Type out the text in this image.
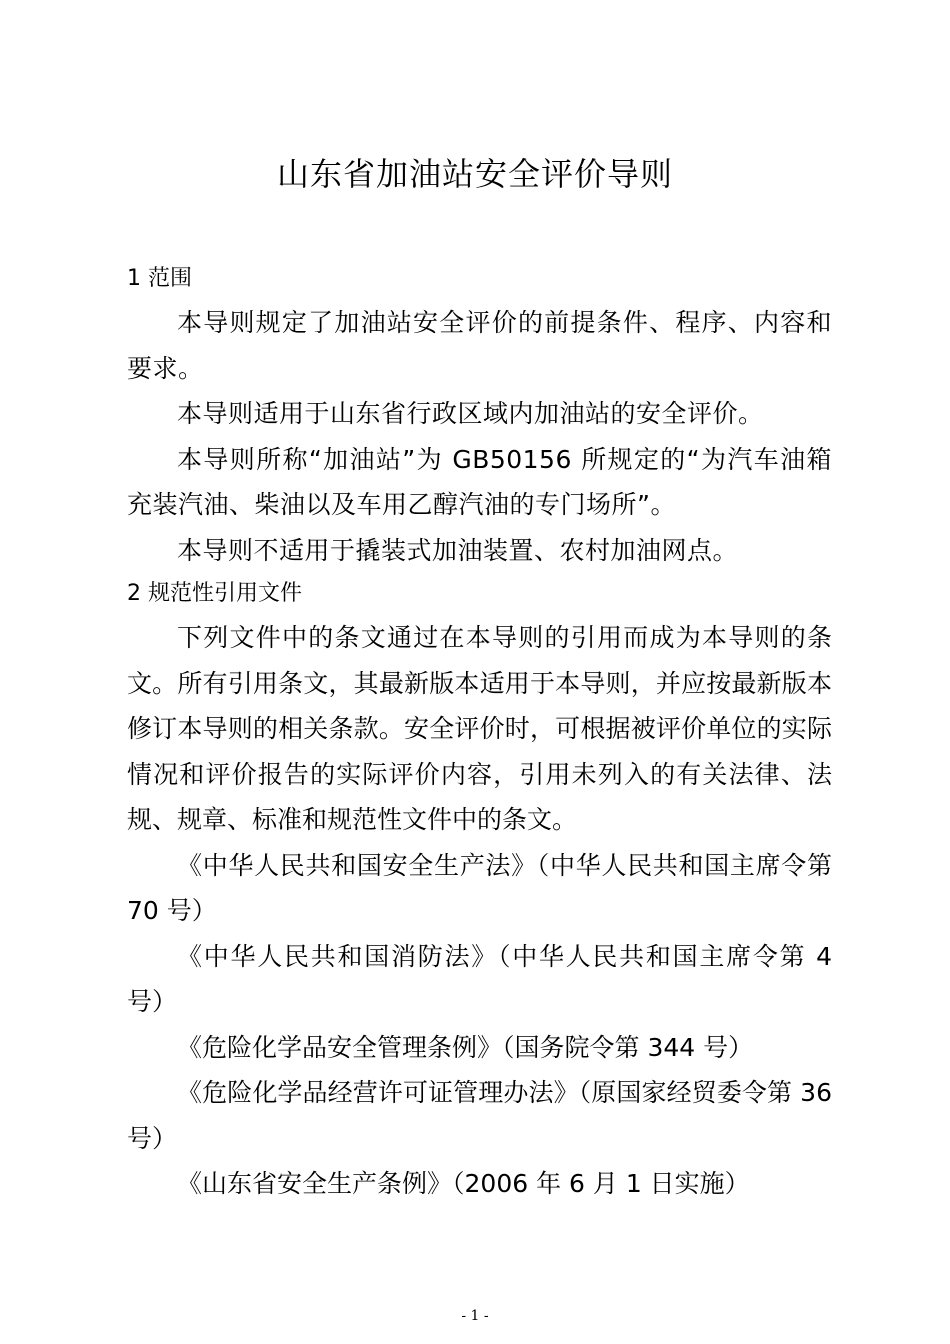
山东省加油站安全评价导则

1 范围

本导则规定了加油站安全评价的前提条件、程序、内容和要求。

本导则适用于山东省行政区域内加油站的安全评价。

本导则所称“加油站”为 GB50156 所规定的“为汽车油箱充装汽油、柴油以及车用乙醇汽油的专门场所”。

本导则不适用于撬装式加油装置、农村加油网点。

2 规范性引用文件

下列文件中的条文通过在本导则的引用而成为本导则的条文。所有引用条文，其最新版本适用于本导则，并应按最新版本修订本导则的相关条款。安全评价时，可根据被评价单位的实际情况和评价报告的实际评价内容，引用未列入的有关法律、法规、规章、标准和规范性文件中的条文。

《中华人民共和国安全生产法》（中华人民共和国主席令第 70 号）

《中华人民共和国消防法》（中华人民共和国主席令第 4 号）

《危险化学品安全管理条例》（国务院令第 344 号）

《危险化学品经营许可证管理办法》（原国家经贸委令第 36 号）

《山东省安全生产条例》（2006 年 6 月 1 日实施）

- 1 -
